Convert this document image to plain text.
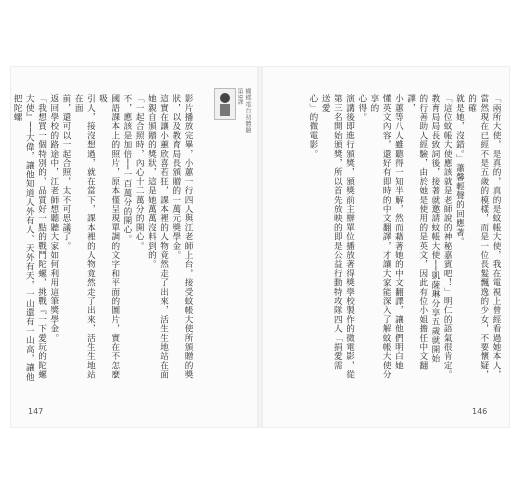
「兩所大使，是真的，真的是蚊帳大使，我在電視上曾經看過她本人，
當然現在已經不是五歲的模樣，而是一位長髮飄逸的少女，不要懷疑，的確
就是她，沒錯。」蕭馨輕聲的回應著。
「這位蚊帳大使應該就是老師說的神秘嘉賓吧！」明仁的語氣很肯定。
教育局局長致詞後，接著就邀請蚊帳大使──凱薩琳分享五歲就開始
的行善助人經驗，由於她是使用的是英文，因此有位小姐擔任中文翻譯，
小蕙等八人雖聽得一知半解，然而藉著她的中文翻譯，讓他們明白她
懂英文內容，還好有即時的中文翻譯，才讓大家能深入了解蚊帳大使分享的
心得。
演講後即進行頒獎，頒獎前主辦單位播放著得獎學校製作的微電影，從
第三名開始頒獎，所以首先放映的即是公益行動特攻隊四人「捐愛需　送愛
心」的微電影。
146
第9課 蝴蝶電台初體驗
影片播放完畢，小蕙一行四人與江老師上台，接受蚊帳大使所頒贈的獎
狀，以及教育局長頒贈的一萬元獎學金。
這實在讓小蕙欣喜若狂，課本裡的人物竟然走了出來，活生生地站在面
她親自頒贈的獎狀，這是她萬萬沒料到的。
「一起合照時，內心十二萬分的開心。
不，應該是加倍──一百萬分的開心。
國語課本上的照片，原本僅呈現單調的文字和平面的圖片，實在不怎麼吸
引人，接沒想過，就在當下，課本裡的人物竟然走了出來，活生生地站在面
前，還可以一起合照，太不可思議了。
返回學校的路途中，江老師想聽聽大家如何利用這筆獎學金。
「我想買一個特別的、品質好一點的戰鬥陀螺，挑戰『一下愛玩的陀螺
大使』──大偉，讓他知道人外有人、天外有天，一山還有一山高，讓他把陀螺
147
